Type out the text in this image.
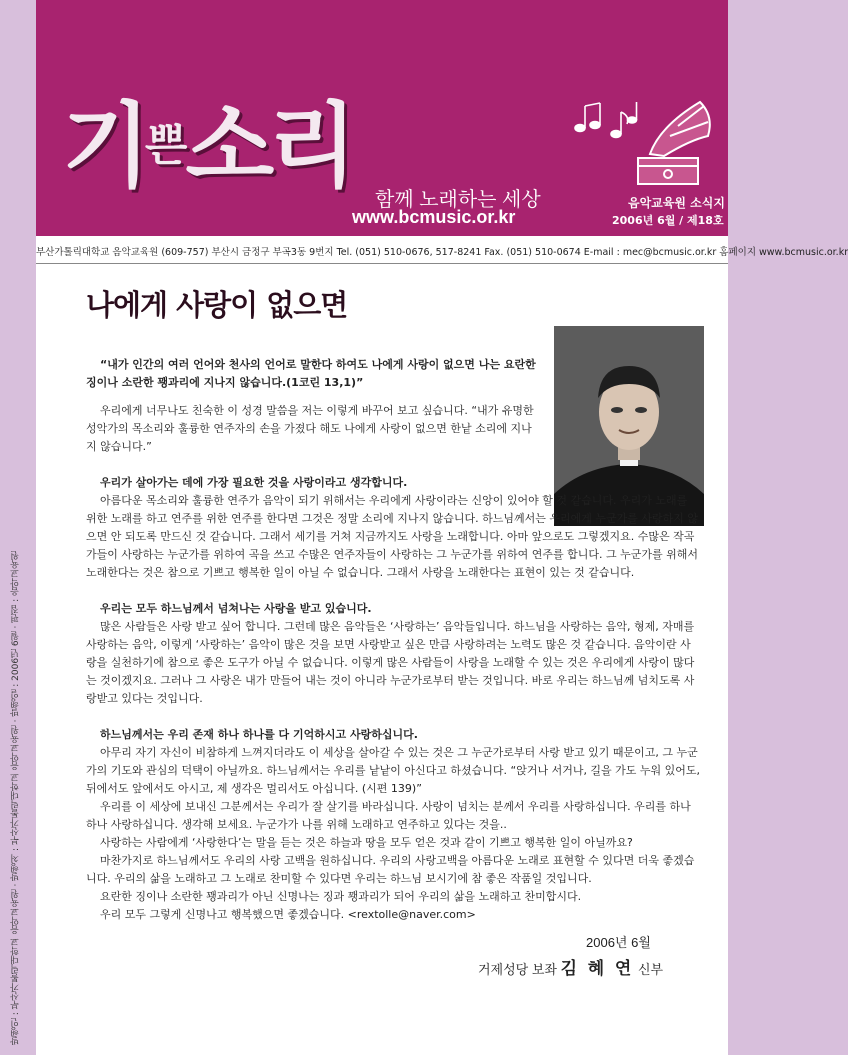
기쁜소리	함께 노래하는 세상
www.bcmusic.or.kr
음악교육원 소식지
2006년 6월 / 제18호
부산가톨릭대학교 음악교육원 (609-757) 부산시 금정구 부곡3동 9번지 Tel. (051) 510-0676, 517-8241 Fax. (051) 510-0674 E-mail : mec@bcmusic.or.kr 홈페이지 www.bcmusic.or.kr
나에게 사랑이 없으면

“내가 인간의 여러 언어와 천사의 언어로 말한다 하여도 나에게 사랑이 없으면 나는 요란한 징이나 소란한 꽹과리에 지나지 않습니다.(1코린 13,1)”

우리에게 너무나도 친숙한 이 성경 말씀을 저는 이렇게 바꾸어 보고 싶습니다. “내가 유명한 성악가의 목소리와 훌륭한 연주자의 손을 가졌다 해도 나에게 사랑이 없으면 한낱 소리에 지나지 않습니다.”

우리가 살아가는 데에 가장 필요한 것을 사랑이라고 생각합니다.

아름다운 목소리와 훌륭한 연주가 음악이 되기 위해서는 우리에게 사랑이라는 신앙이 있어야 할 것 같습니다. 우리가 노래를 위한 노래를 하고 연주를 위한 연주를 한다면 그것은 정말 소리에 지나지 않습니다. 하느님께서는 우리에게 누군가를 사랑하지 않으면 안 되도록 만드신 것 같습니다. 그래서 세기를 거쳐 지금까지도 사랑을 노래합니다. 아마 앞으로도 그렇겠지요. 수많은 작곡가들이 사랑하는 누군가를 위하여 곡을 쓰고 수많은 연주자들이 사랑하는 그 누군가를 위하여 연주를 합니다. 그 누군가를 위해서 노래한다는 것은 참으로 기쁘고 행복한 일이 아닐 수 없습니다. 그래서 사랑을 노래한다는 표현이 있는 것 같습니다.

우리는 모두 하느님께서 넘쳐나는 사랑을 받고 있습니다.

많은 사람들은 사랑 받고 싶어 합니다. 그런데 많은 음악들은 ‘사랑하는’ 음악들입니다. 하느님을 사랑하는 음악, 형제, 자매를 사랑하는 음악, 이렇게 ‘사랑하는’ 음악이 많은 것을 보면 사랑받고 싶은 만큼 사랑하려는 노력도 많은 것 같습니다. 음악이란 사랑을 실천하기에 참으로 좋은 도구가 아닐 수 없습니다. 이렇게 많은 사람들이 사랑을 노래할 수 있는 것은 우리에게 사랑이 많다는 것이겠지요. 그러나 그 사랑은 내가 만들어 내는 것이 아니라 누군가로부터 받는 것입니다. 바로 우리는 하느님께 넘치도록 사랑받고 있다는 것입니다.

하느님께서는 우리 존재 하나 하나를 다 기억하시고 사랑하십니다.

아무리 자기 자신이 비참하게 느껴지더라도 이 세상을 살아갈 수 있는 것은 그 누군가로부터 사랑 받고 있기 때문이고, 그 누군가의 기도와 관심의 덕택이 아닐까요. 하느님께서는 우리를 낱낱이 아신다고 하셨습니다. “앉거나 서거나, 길을 가도 누워 있어도, 뒤에서도 앞에서도 아시고, 제 생각은 멀리서도 아십니다. (시편 139)”

우리를 이 세상에 보내신 그분께서는 우리가 잘 살기를 바라십니다. 사랑이 넘치는 분께서 우리를 사랑하십니다. 우리를 하나하나 사랑하십니다. 생각해 보세요. 누군가가 나를 위해 노래하고 연주하고 있다는 것을..

사랑하는 사람에게 ‘사랑한다’는 말을 듣는 것은 하늘과 땅을 모두 얻은 것과 같이 기쁘고 행복한 일이 아닐까요?

마찬가지로 하느님께서도 우리의 사랑 고백을 원하십니다. 우리의 사랑고백을 아름다운 노래로 표현할 수 있다면 더욱 좋겠습니다. 우리의 삶을 노래하고 그 노래로 찬미할 수 있다면 우리는 하느님 보시기에 참 좋은 작품일 것입니다.

요란한 징이나 소란한 꽹과리가 아닌 신명나는 징과 꽹과리가 되어 우리의 삶을 노래하고 찬미합시다.

우리 모두 그렇게 신명나고 행복했으면 좋겠습니다. <rextolle@naver.com>

2006년 6월
거제성당 보좌 김 혜 연 신부
발행인 : 부산가톨릭대학교 음악교육원 · 발행처 : 부산가톨릭대학교 음악교육원 · 발행일 : 2006년 6월 · 편집 : 음악교육원
